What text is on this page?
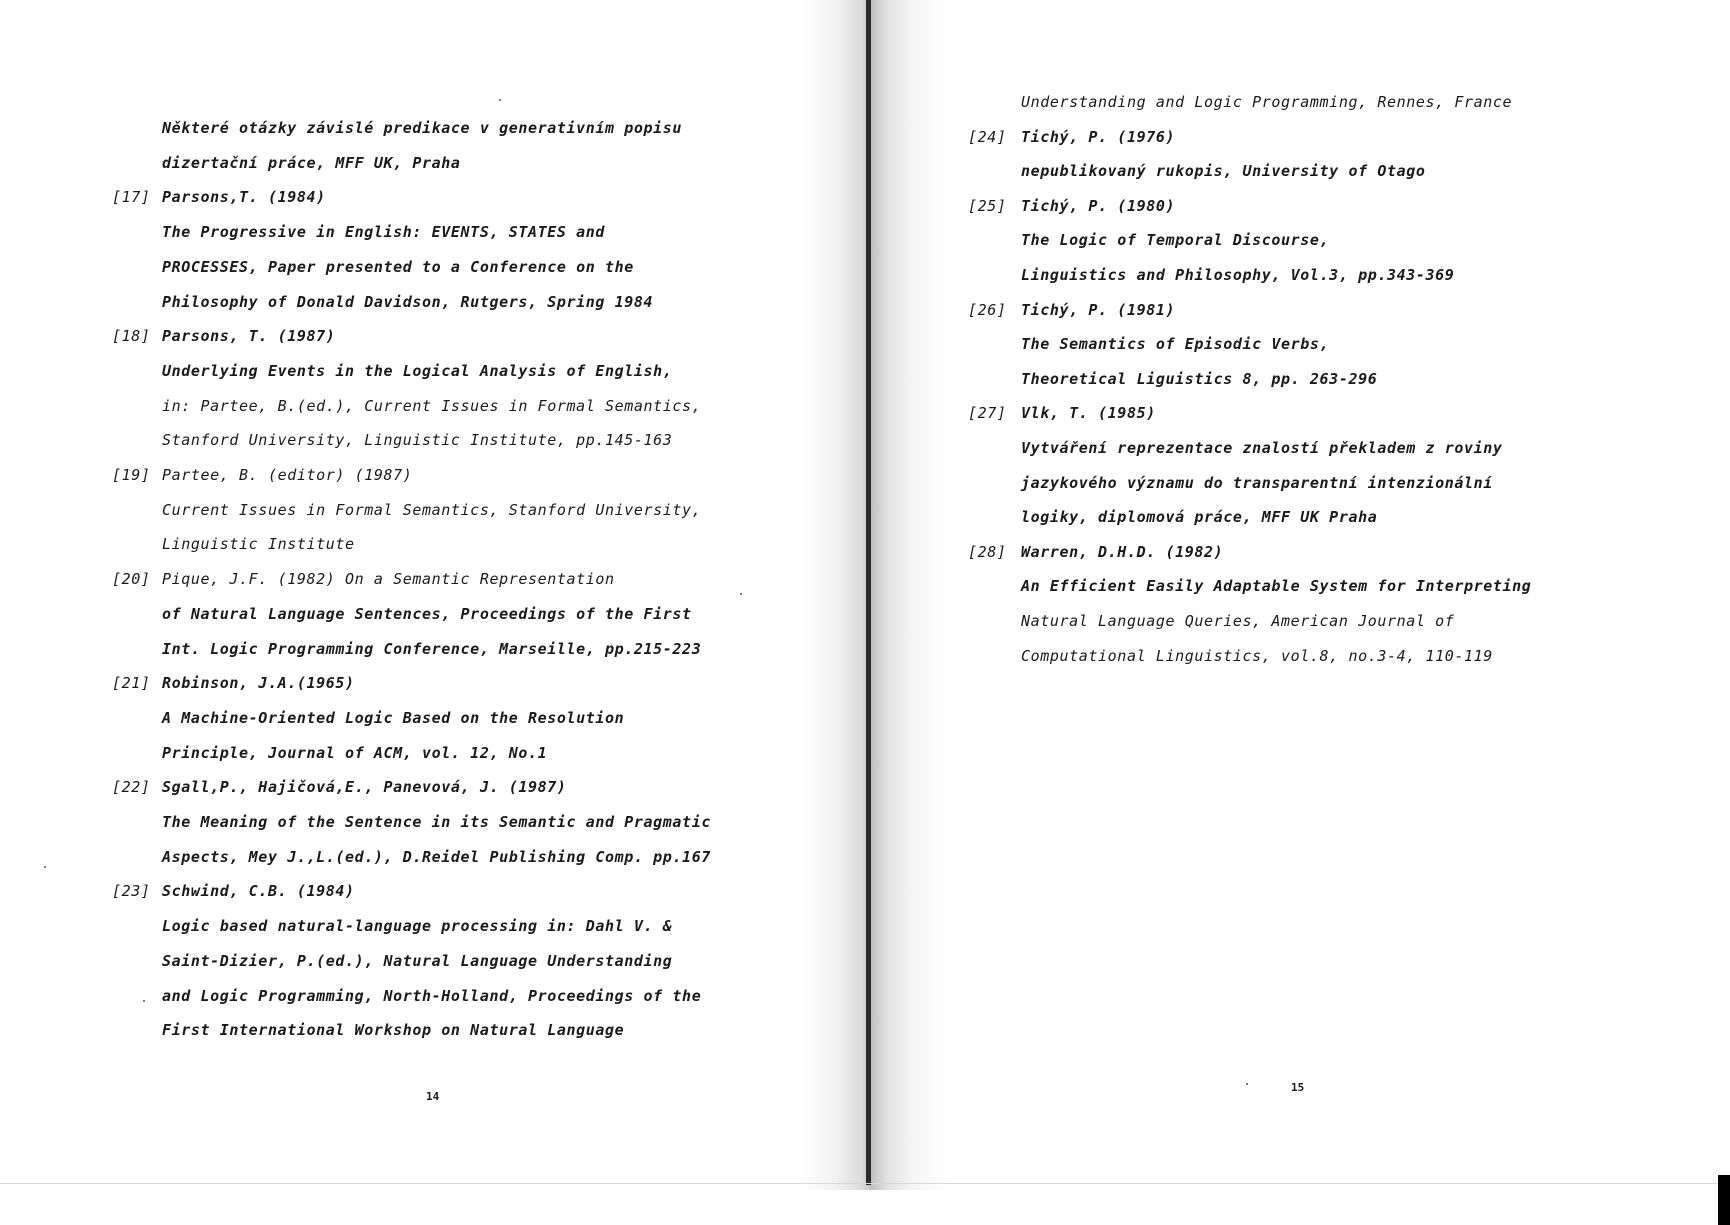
Některé otázky závislé predikace v generativním popisu
dizertační práce, MFF UK, Praha
[17] Parsons,T. (1984)
The Progressive in English: EVENTS, STATES and
PROCESSES, Paper presented to a Conference on the
Philosophy of Donald Davidson, Rutgers, Spring 1984
[18] Parsons, T. (1987)
Underlying Events in the Logical Analysis of English,
in: Partee, B.(ed.), Current Issues in Formal Semantics,
Stanford University, Linguistic Institute, pp.145-163
[19] Partee, B. (editor) (1987)
Current Issues in Formal Semantics, Stanford University,
Linguistic Institute
[20] Pique, J.F. (1982) On a Semantic Representation
of Natural Language Sentences, Proceedings of the First
Int. Logic Programming Conference, Marseille, pp.215-223
[21] Robinson, J.A.(1965)
A Machine-Oriented Logic Based on the Resolution
Principle, Journal of ACM, vol. 12, No.1
[22] Sgall,P., Hajičová,E., Panevová, J. (1987)
The Meaning of the Sentence in its Semantic and Pragmatic
Aspects, Mey J.,L.(ed.), D.Reidel Publishing Comp. pp.167
[23] Schwind, C.B. (1984)
Logic based natural-language processing in: Dahl V. &
Saint-Dizier, P.(ed.), Natural Language Understanding
and Logic Programming, North-Holland, Proceedings of the
First International Workshop on Natural Language
Understanding and Logic Programming, Rennes, France
[24] Tichý, P. (1976)
nepublikovaný rukopis, University of Otago
[25] Tichý, P. (1980)
The Logic of Temporal Discourse,
Linguistics and Philosophy, Vol.3, pp.343-369
[26] Tichý, P. (1981)
The Semantics of Episodic Verbs,
Theoretical Liguistics 8, pp. 263-296
[27] Vlk, T. (1985)
Vytváření reprezentace znalostí překladem z roviny
jazykového významu do transparentní intenzionální
logiky, diplomová práce, MFF UK Praha
[28] Warren, D.H.D. (1982)
An Efficient Easily Adaptable System for Interpreting
Natural Language Queries, American Journal of
Computational Linguistics, vol.8, no.3-4, 110-119
14
15
